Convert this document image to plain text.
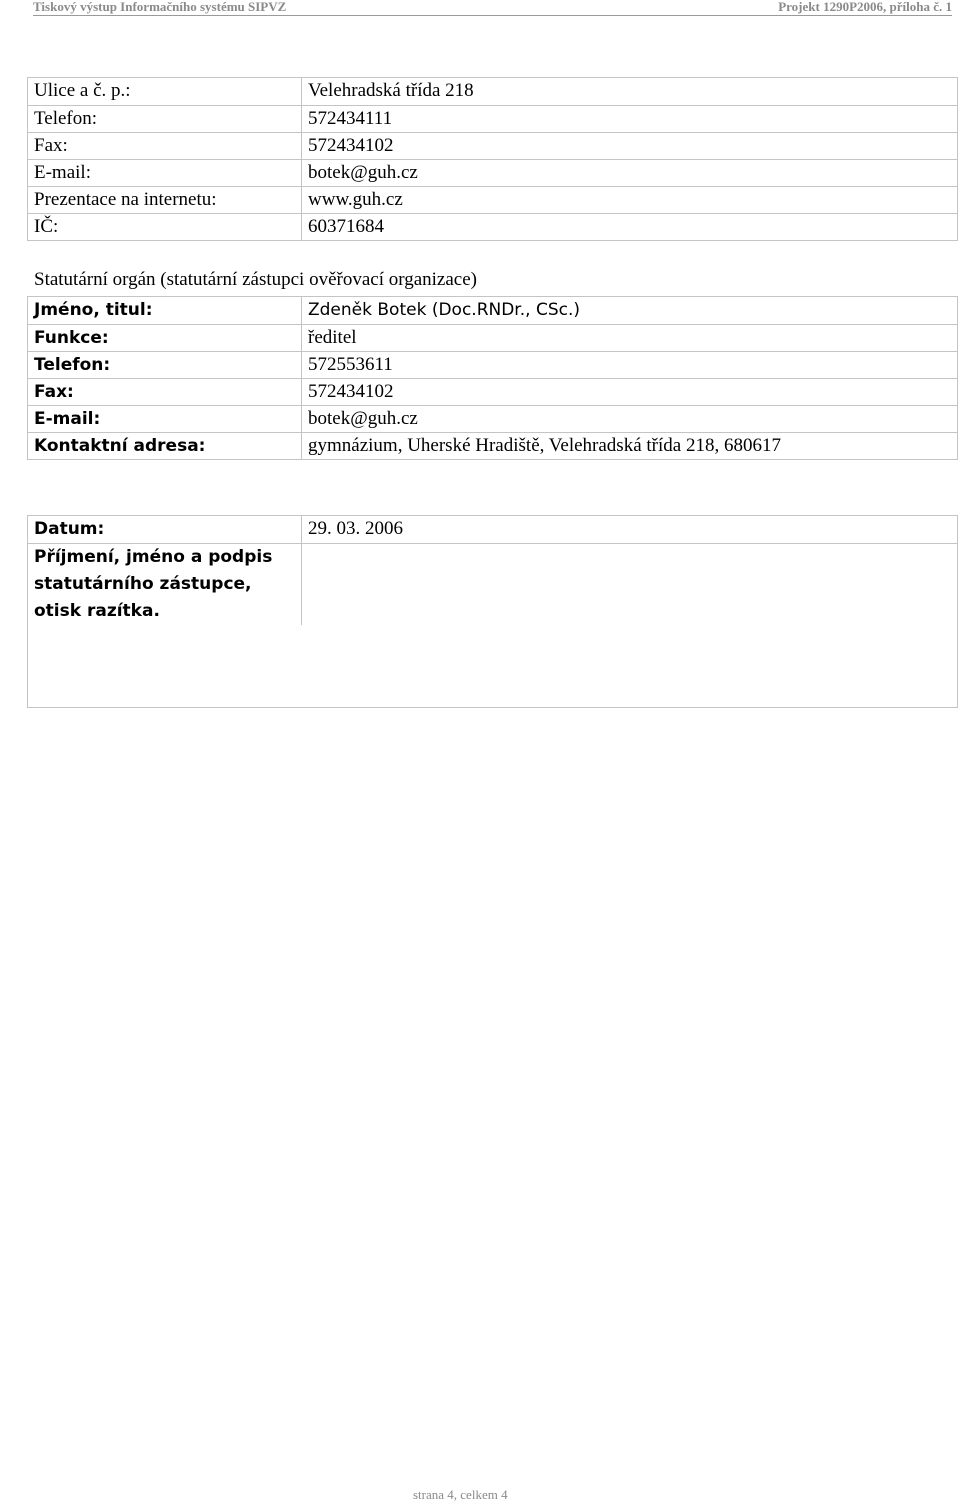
Tiskový výstup Informačního systému SIPVZ	Projekt 1290P2006, příloha č. 1
Ulice a č. p.:	Velehradská třída 218
Telefon:	572434111
Fax:	572434102
E-mail:	botek@guh.cz
Prezentace na internetu:	www.guh.cz
IČ:	60371684
Statutární orgán (statutární zástupci ověřovací organizace)
Jméno, titul:	Zdeněk Botek (Doc.RNDr., CSc.)
Funkce:	ředitel
Telefon:	572553611
Fax:	572434102
E-mail:	botek@guh.cz
Kontaktní adresa:	gymnázium, Uherské Hradiště, Velehradská třída 218, 680617
Datum:	29. 03. 2006
Příjmení, jméno a podpis statutárního zástupce, otisk razítka.
strana 4, celkem 4
